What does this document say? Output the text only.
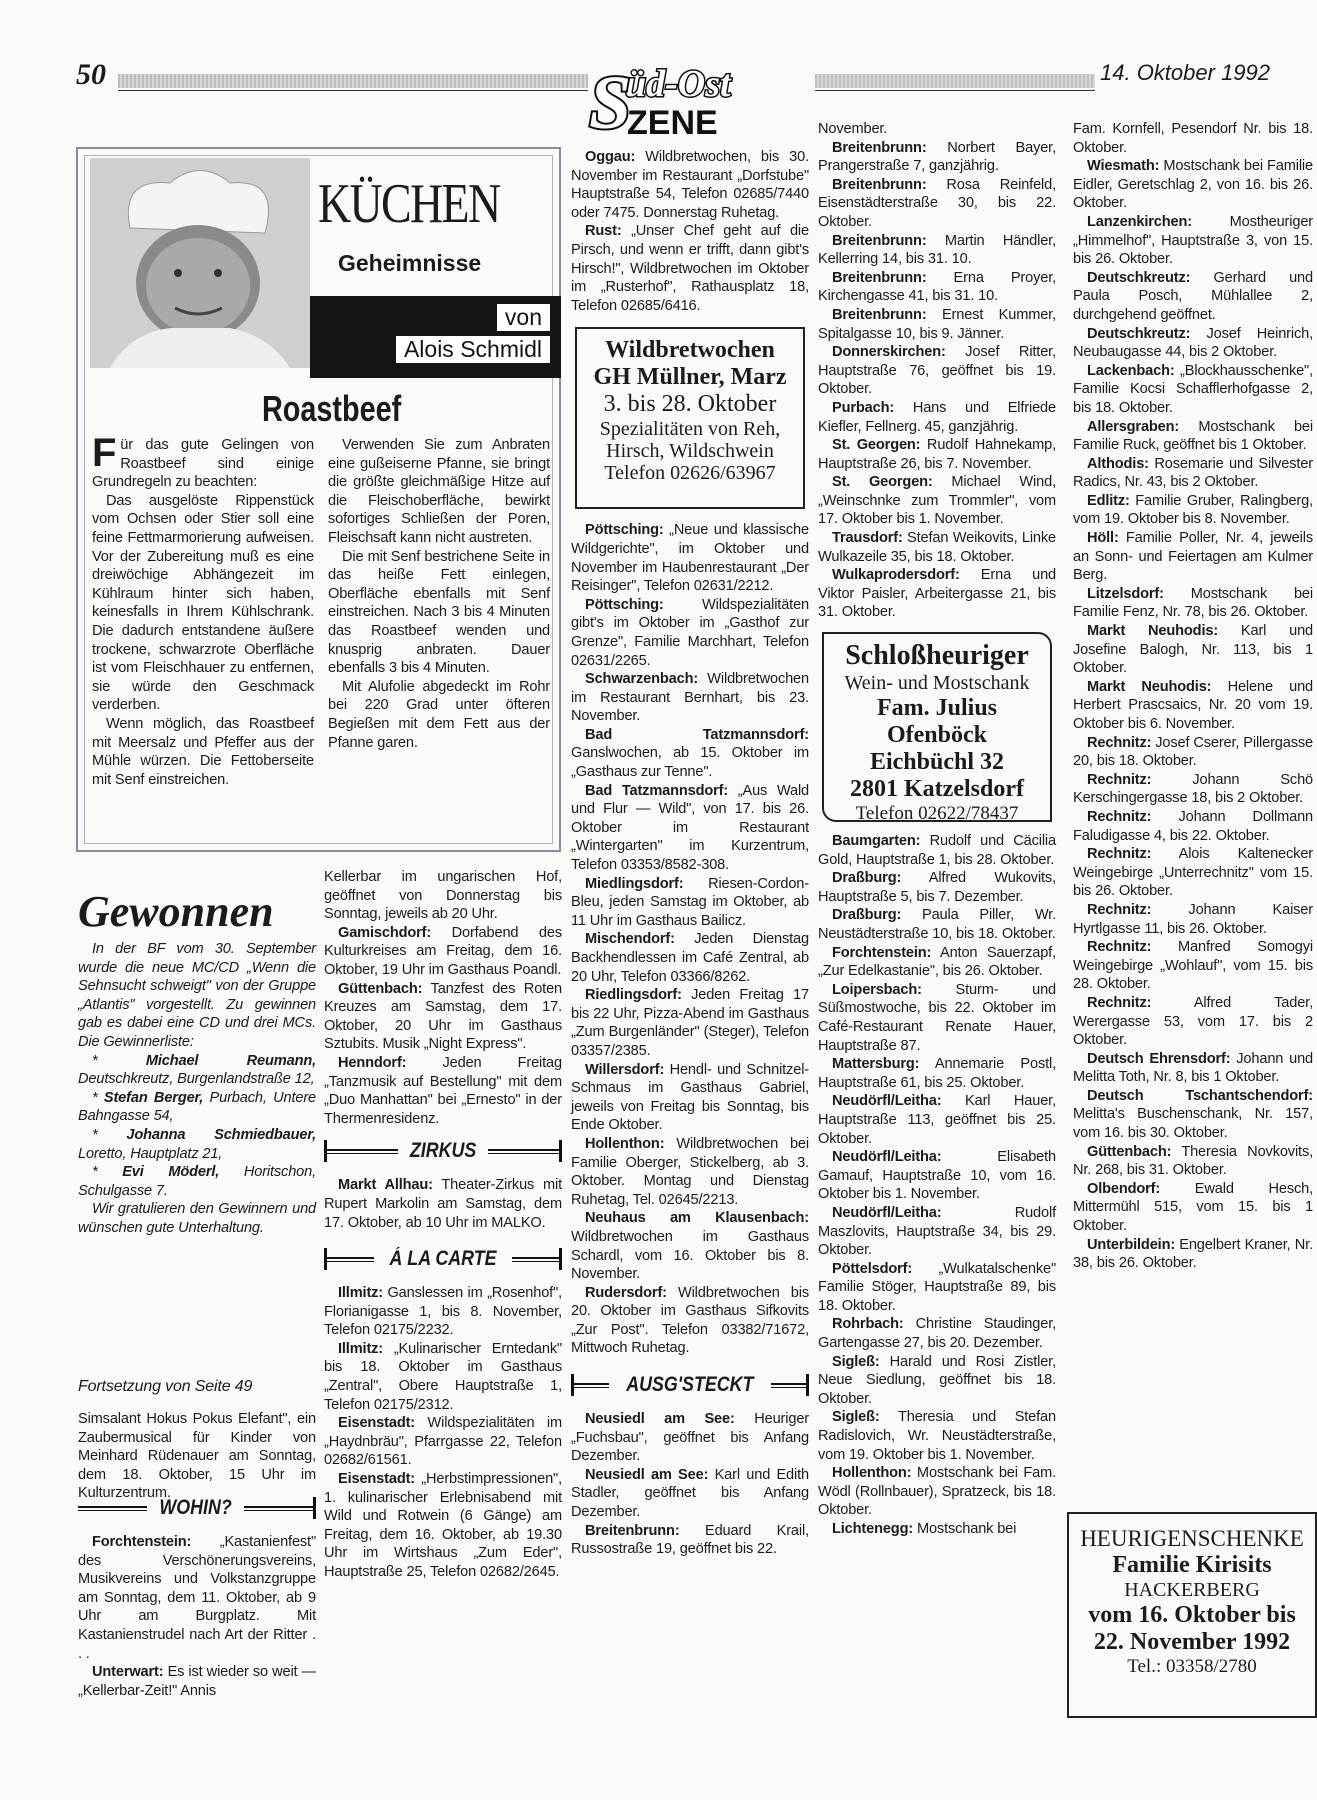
50	üd-Ost
S
ZENE
14. Oktober 1992
KÜCHEN
Geheimnisse
von
Alois Schmidl
Roastbeef

Für das gute Gelingen von Roastbeef sind einige Grundregeln zu beachten:

Das ausgelöste Rippenstück vom Ochsen oder Stier soll eine feine Fettmarmorierung aufweisen. Vor der Zubereitung muß es eine dreiwöchige Abhängezeit im Kühlraum hinter sich haben, keinesfalls in Ihrem Kühlschrank. Die dadurch entstandene äußere trockene, schwarzrote Oberfläche ist vom Fleischhauer zu entfernen, sie würde den Geschmack verderben.

Wenn möglich, das Roastbeef mit Meersalz und Pfeffer aus der Mühle würzen. Die Fettoberseite mit Senf einstreichen.

Verwenden Sie zum Anbraten eine gußeiserne Pfanne, sie bringt die größte gleichmäßige Hitze auf die Fleischoberfläche, bewirkt sofortiges Schließen der Poren, Fleischsaft kann nicht austreten.

Die mit Senf bestrichene Seite in das heiße Fett einlegen, Oberfläche ebenfalls mit Senf einstreichen. Nach 3 bis 4 Minuten das Roastbeef wenden und knusprig anbraten. Dauer ebenfalls 3 bis 4 Minuten.

Mit Alufolie abgedeckt im Rohr bei 220 Grad unter öfteren Begießen mit dem Fett aus der Pfanne garen.

Gewonnen

In der BF vom 30. September wurde die neue MC/CD „Wenn die Sehnsucht schweigt" von der Gruppe „Atlantis" vorgestellt. Zu gewinnen gab es dabei eine CD und drei MCs. Die Gewinnerliste:

* Michael Reumann, Deutschkreutz, Burgenlandstraße 12,

* Stefan Berger, Purbach, Untere Bahngasse 54,

* Johanna Schmiedbauer, Loretto, Hauptplatz 21,

* Evi Möderl, Horitschon, Schulgasse 7.

Wir gratulieren den Gewinnern und wünschen gute Unterhaltung.

Fortsetzung von Seite 49
Simsalant Hokus Pokus Elefant", ein Zaubermusical für Kinder von Meinhard Rüdenauer am Sonntag, dem 18. Oktober, 15 Uhr im Kulturzentrum.
WOHIN?

Forchtenstein: „Kastanienfest" des Verschönerungsvereins, Musikvereins und Volkstanzgruppe am Sonntag, dem 11. Oktober, ab 9 Uhr am Burgplatz. Mit Kastanienstrudel nach Art der Ritter . . .

Unterwart: Es ist wieder so weit — „Kellerbar-Zeit!" Annis

Kellerbar im ungarischen Hof, geöffnet von Donnerstag bis Sonntag, jeweils ab 20 Uhr.

Gamischdorf: Dorfabend des Kulturkreises am Freitag, dem 16. Oktober, 19 Uhr im Gasthaus Poandl.

Güttenbach: Tanzfest des Roten Kreuzes am Samstag, dem 17. Oktober, 20 Uhr im Gasthaus Sztubits. Musik „Night Express".

Henndorf: Jeden Freitag „Tanzmusik auf Bestellung" mit dem „Duo Manhattan" bei „Ernesto" in der Thermenresidenz.

ZIRKUS

Markt Allhau: Theater-Zirkus mit Rupert Markolin am Samstag, dem 17. Oktober, ab 10 Uhr im MALKO.

Á LA CARTE

Illmitz: Ganslessen im „Rosenhof", Florianigasse 1, bis 8. November, Telefon 02175/2232.

Illmitz: „Kulinarischer Erntedank" bis 18. Oktober im Gasthaus „Zentral", Obere Hauptstraße 1, Telefon 02175/2312.

Eisenstadt: Wildspezialitäten im „Haydnbräu", Pfarrgasse 22, Telefon 02682/61561.

Eisenstadt: „Herbstimpressionen", 1. kulinarischer Erlebnisabend mit Wild und Rotwein (6 Gänge) am Freitag, dem 16. Oktober, ab 19.30 Uhr im Wirtshaus „Zum Eder", Hauptstraße 25, Telefon 02682/2645.

Oggau: Wildbretwochen, bis 30. November im Restaurant „Dorfstube" Hauptstraße 54, Telefon 02685/7440 oder 7475. Donnerstag Ruhetag.

Rust: „Unser Chef geht auf die Pirsch, und wenn er trifft, dann gibt's Hirsch!", Wildbretwochen im Oktober im „Rusterhof", Rathausplatz 18, Telefon 02685/6416.

Wildbretwochen
GH Müllner, Marz
3. bis 28. Oktober
Spezialitäten von Reh, Hirsch, Wildschwein
Telefon 02626/63967

Pöttsching: „Neue und klassische Wildgerichte", im Oktober und November im Haubenrestaurant „Der Reisinger", Telefon 02631/2212.

Pöttsching: Wildspezialitäten gibt's im Oktober im „Gasthof zur Grenze", Familie Marchhart, Telefon 02631/2265.

Schwarzenbach: Wildbretwochen im Restaurant Bernhart, bis 23. November.

Bad Tatzmannsdorf: Ganslwochen, ab 15. Oktober im „Gasthaus zur Tenne".

Bad Tatzmannsdorf: „Aus Wald und Flur — Wild", von 17. bis 26. Oktober im Restaurant „Wintergarten" im Kurzentrum, Telefon 03353/8582-308.

Miedlingsdorf: Riesen-Cordon-Bleu, jeden Samstag im Oktober, ab 11 Uhr im Gasthaus Bailicz.

Mischendorf: Jeden Dienstag Backhendlessen im Café Zentral, ab 20 Uhr, Telefon 03366/8262.

Riedlingsdorf: Jeden Freitag 17 bis 22 Uhr, Pizza-Abend im Gasthaus „Zum Burgenländer" (Steger), Telefon 03357/2385.

Willersdorf: Hendl- und Schnitzel-Schmaus im Gasthaus Gabriel, jeweils von Freitag bis Sonntag, bis Ende Oktober.

Hollenthon: Wildbretwochen bei Familie Oberger, Stickelberg, ab 3. Oktober. Montag und Dienstag Ruhetag, Tel. 02645/2213.

Neuhaus am Klausenbach: Wildbretwochen im Gasthaus Schardl, vom 16. Oktober bis 8. November.

Rudersdorf: Wildbretwochen bis 20. Oktober im Gasthaus Sifkovits „Zur Post". Telefon 03382/71672, Mittwoch Ruhetag.

AUSG'STECKT

Neusiedl am See: Heuriger „Fuchsbau", geöffnet bis Anfang Dezember.

Neusiedl am See: Karl und Edith Stadler, geöffnet bis Anfang Dezember.

Breitenbrunn: Eduard Krail, Russostraße 19, geöffnet bis 22.

November.

Breitenbrunn: Norbert Bayer, Prangerstraße 7, ganzjährig.

Breitenbrunn: Rosa Reinfeld, Eisenstädterstraße 30, bis 22. Oktober.

Breitenbrunn: Martin Händler, Kellerring 14, bis 31. 10.

Breitenbrunn: Erna Proyer, Kirchengasse 41, bis 31. 10.

Breitenbrunn: Ernest Kummer, Spitalgasse 10, bis 9. Jänner.

Donnerskirchen: Josef Ritter, Hauptstraße 76, geöffnet bis 19. Oktober.

Purbach: Hans und Elfriede Kiefler, Fellnerg. 45, ganzjährig.

St. Georgen: Rudolf Hahnekamp, Hauptstraße 26, bis 7. November.

St. Georgen: Michael Wind, „Weinschnke zum Trommler", vom 17. Oktober bis 1. November.

Trausdorf: Stefan Weikovits, Linke Wulkazeile 35, bis 18. Oktober.

Wulkaprodersdorf: Erna und Viktor Paisler, Arbeitergasse 21, bis 31. Oktober.

Schloßheuriger
Wein- und Mostschank
Fam. Julius Ofenböck
Eichbüchl 32
2801 Katzelsdorf
Telefon 02622/78437

Baumgarten: Rudolf und Cäcilia Gold, Hauptstraße 1, bis 28. Oktober.

Draßburg: Alfred Wukovits, Hauptstraße 5, bis 7. Dezember.

Draßburg: Paula Piller, Wr. Neustädterstraße 10, bis 18. Oktober.

Forchtenstein: Anton Sauerzapf, „Zur Edelkastanie", bis 26. Oktober.

Loipersbach: Sturm- und Süßmostwoche, bis 22. Oktober im Café-Restaurant Renate Hauer, Hauptstraße 87.

Mattersburg: Annemarie Postl, Hauptstraße 61, bis 25. Oktober.

Neudörfl/Leitha: Karl Hauer, Hauptstraße 113, geöffnet bis 25. Oktober.

Neudörfl/Leitha: Elisabeth Gamauf, Hauptstraße 10, vom 16. Oktober bis 1. November.

Neudörfl/Leitha: Rudolf Maszlovits, Hauptstraße 34, bis 29. Oktober.

Pöttelsdorf: „Wulkatalschenke" Familie Stöger, Hauptstraße 89, bis 18. Oktober.

Rohrbach: Christine Staudinger, Gartengasse 27, bis 20. Dezember.

Sigleß: Harald und Rosi Zistler, Neue Siedlung, geöffnet bis 18. Oktober.

Sigleß: Theresia und Stefan Radislovich, Wr. Neustädterstraße, vom 19. Oktober bis 1. November.

Hollenthon: Mostschank bei Fam. Wödl (Rollnbauer), Spratzeck, bis 18. Oktober.

Lichtenegg: Mostschank bei

Fam. Kornfell, Pesendorf Nr. bis 18. Oktober.

Wiesmath: Mostschank bei Familie Eidler, Geretschlag 2, von 16. bis 26. Oktober.

Lanzenkirchen: Mostheuriger „Himmelhof", Hauptstraße 3, von 15. bis 26. Oktober.

Deutschkreutz: Gerhard und Paula Posch, Mühlallee 2, durchgehend geöffnet.

Deutschkreutz: Josef Heinrich, Neubaugasse 44, bis 2 Oktober.

Lackenbach: „Blockhausschenke", Familie Kocsi Schafflerhofgasse 2, bis 18. Oktober.

Allersgraben: Mostschank bei Familie Ruck, geöffnet bis 1 Oktober.

Althodis: Rosemarie und Silvester Radics, Nr. 43, bis 2 Oktober.

Edlitz: Familie Gruber, Ralingberg, vom 19. Oktober bis 8. November.

Höll: Familie Poller, Nr. 4, jeweils an Sonn- und Feiertagen am Kulmer Berg.

Litzelsdorf: Mostschank bei Familie Fenz, Nr. 78, bis 26. Oktober.

Markt Neuhodis: Karl und Josefine Balogh, Nr. 113, bis 1 Oktober.

Markt Neuhodis: Helene und Herbert Prascsaics, Nr. 20 vom 19. Oktober bis 6. November.

Rechnitz: Josef Cserer, Pillergasse 20, bis 18. Oktober.

Rechnitz: Johann Schö Kerschingergasse 18, bis 2 Oktober.

Rechnitz: Johann Dollmann Faludigasse 4, bis 22. Oktober.

Rechnitz: Alois Kaltenecker Weingebirge „Unterrechnitz" vom 15. bis 26. Oktober.

Rechnitz: Johann Kaiser Hyrtlgasse 11, bis 26. Oktober.

Rechnitz: Manfred Somogyi Weingebirge „Wohlauf", vom 15. bis 28. Oktober.

Rechnitz: Alfred Tader, Werergasse 53, vom 17. bis 2 Oktober.

Deutsch Ehrensdorf: Johann und Melitta Toth, Nr. 8, bis 1 Oktober.

Deutsch Tschantschendorf: Melitta's Buschenschank, Nr. 157, vom 16. bis 30. Oktober.

Güttenbach: Theresia Novkovits, Nr. 268, bis 31. Oktober.

Olbendorf: Ewald Hesch, Mittermühl 515, vom 15. bis 1 Oktober.

Unterbildein: Engelbert Kraner, Nr. 38, bis 26. Oktober.

HEURIGENSCHENKE
Familie Kirisits
HACKERBERG
vom 16. Oktober bis
22. November 1992
Tel.: 03358/2780
